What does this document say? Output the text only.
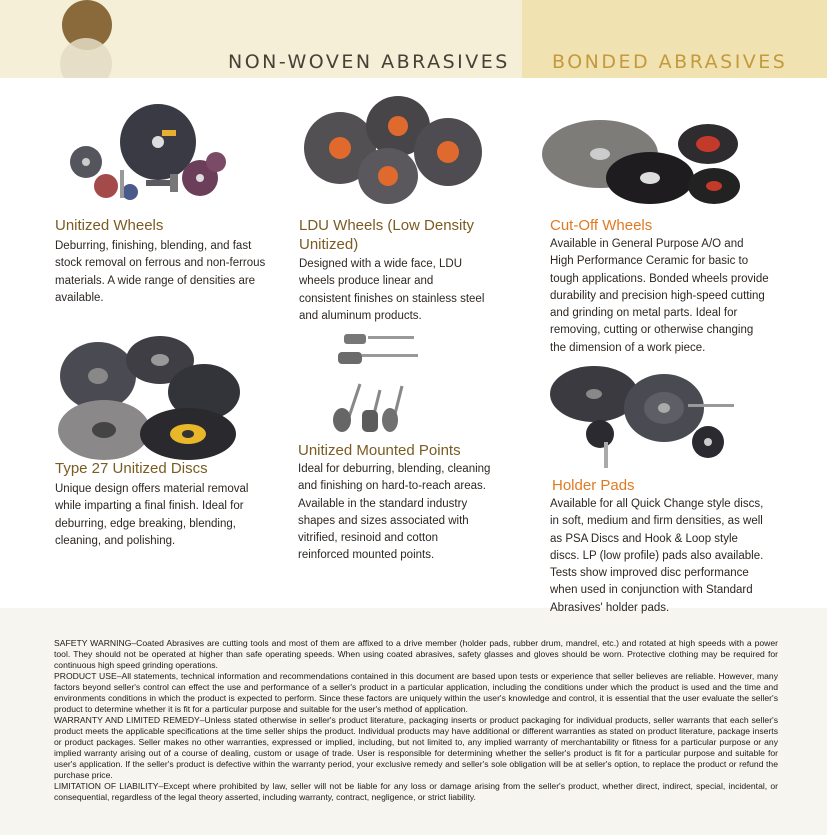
NON-WOVEN ABRASIVES BONDED ABRASIVES
Unitized Wheels

Deburring, finishing, blending, and fast stock removal on ferrous and non-ferrous materials. A wide range of densities are available.

LDU Wheels (Low Density Unitized)

Designed with a wide face, LDU wheels produce linear and consistent finishes on stainless steel and aluminum products.

Type 27 Unitized Discs

Unique design offers material removal while imparting a final finish. Ideal for deburring, edge breaking, blending, cleaning, and polishing.

Unitized Mounted Points

Ideal for deburring, blending, cleaning and finishing on hard-to-reach areas. Available in the standard industry shapes and sizes associated with vitrified, resinoid and cotton reinforced mounted points.

Cut-Off Wheels

Available in General Purpose A/O and High Performance Ceramic for basic to tough applications. Bonded wheels provide durability and precision high-speed cutting and grinding on metal parts. Ideal for removing, cutting or otherwise changing the dimension of a work piece.

Holder Pads

Available for all Quick Change style discs, in soft, medium and firm densities, as well as PSA Discs and Hook & Loop style discs. LP (low profile) pads also available. Tests show improved disc performance when used in conjunction with Standard Abrasives' holder pads.

SAFETY WARNING–Coated Abrasives are cutting tools and most of them are affixed to a drive member (holder pads, rubber drum, mandrel, etc.) and rotated at high speeds with a power tool. They should not be operated at higher than safe operating speeds. When using coated abrasives, safety glasses and gloves should be worn. Protective clothing may be required for continuous high speed grinding operations.

PRODUCT USE–All statements, technical information and recommendations contained in this document are based upon tests or experience that seller believes are reliable. However, many factors beyond seller's control can effect the use and performance of a seller's product in a particular application, including the conditions under which the product is used and the time and environments conditions in which the product is expected to perform. Since these factors are uniquely within the user's knowledge and control, it is essential that the user evaluate the seller's product to determine whether it is fit for a particular purpose and suitable for the user's method of application.

WARRANTY AND LIMITED REMEDY–Unless stated otherwise in seller's product literature, packaging inserts or product packaging for individual products, seller warrants that each seller's product meets the applicable specifications at the time seller ships the product. Individual products may have additional or different warranties as stated on product literature, package inserts or product packages. Seller makes no other warranties, expressed or implied, including, but not limited to, any implied warranty of merchantability or fitness for a particular purpose or any implied warranty arising out of a course of dealing, custom or usage of trade. User is responsible for determining whether the seller's product is fit for a particular purpose and suitable for user's application. If the seller's product is defective within the warranty period, your exclusive remedy and seller's sole obligation will be at seller's option, to replace the product or refund the purchase price.

LIMITATION OF LIABILITY–Except where prohibited by law, seller will not be liable for any loss or damage arising from the seller's product, whether direct, indirect, special, incidental, or consequential, regardless of the legal theory asserted, including warranty, contract, negligence, or strict liability.
